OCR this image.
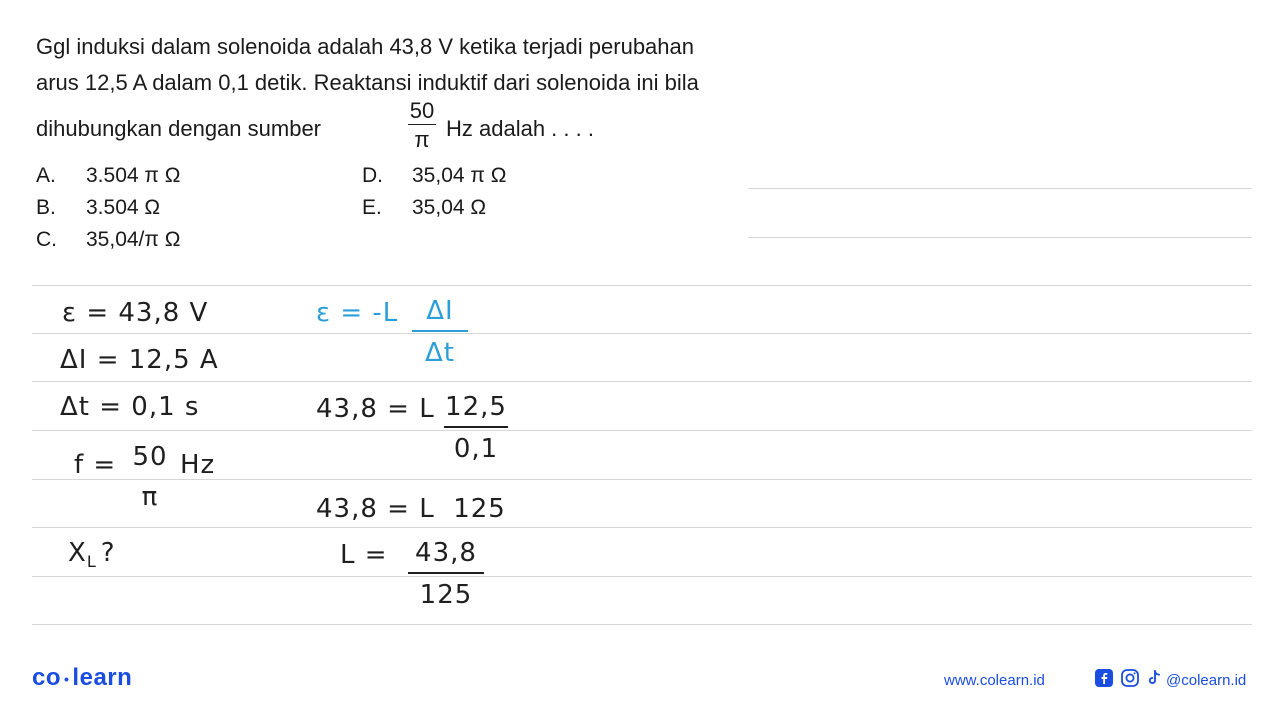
Ggl induksi dalam solenoida adalah 43,8 V ketika terjadi perubahan
arus 12,5 A dalam 0,1 detik. Reaktansi induktif dari solenoida ini bila
dihubungkan dengan sumber	$\frac{50}{\pi}$ Hz adalah . . . .
A. 3.504 π Ω
B. 3.504 Ω
C. 35,04/π Ω
D. 35,04 π Ω
E. 35,04 Ω
ε = 43,8 V
ΔI = 12,5 A
Δt = 0,1 s
f = 50
π
Hz
$X_L$ ?
$\varepsilon = -L \frac{\Delta I}{\Delta t}$
43,8 = L $\frac{12,5}{0,1}$
43,8 = L  125
$L = \frac{43,8}{125}$
co • learn	www.colearn.id	@colearn.id
